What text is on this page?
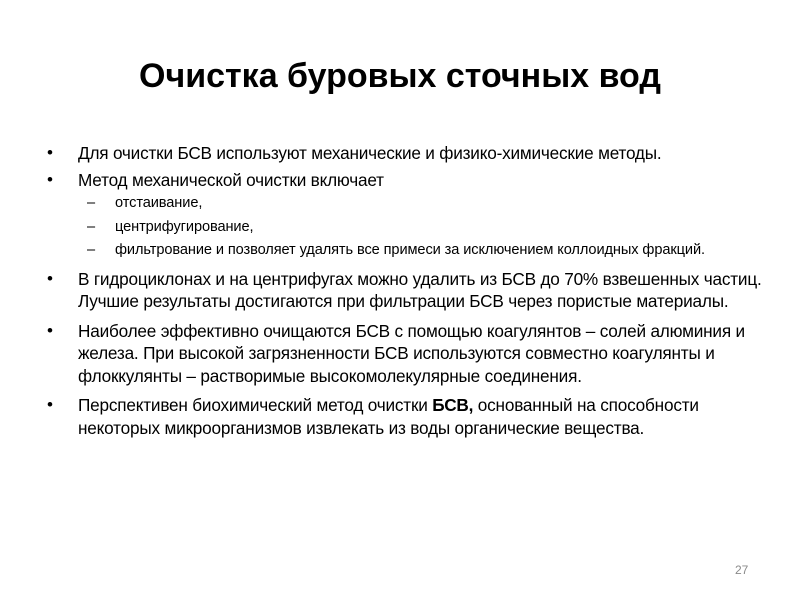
Очистка буровых сточных вод
• Для очистки БСВ используют механические и физико-химические методы.
• Метод механической очистки включает
– отстаивание,
– центрифугирование,
– фильтрование и позволяет удалять все примеси за исключением коллоидных фракций.
• В гидроциклонах и на центрифугах можно удалить из БСВ до 70% взвешенных частиц. Лучшие результаты достигаются при фильтрации БСВ через пористые материалы.
• Наиболее эффективно очищаются БСВ с помощью коагулянтов – солей алюминия и железа. При высокой загрязненности БСВ используются совместно коагулянты и флоккулянты – растворимые высокомолекулярные соединения.
• Перспективен биохимический метод очистки БСВ, основанный на способности некоторых микроорганизмов извлекать из воды органические вещества.
27
